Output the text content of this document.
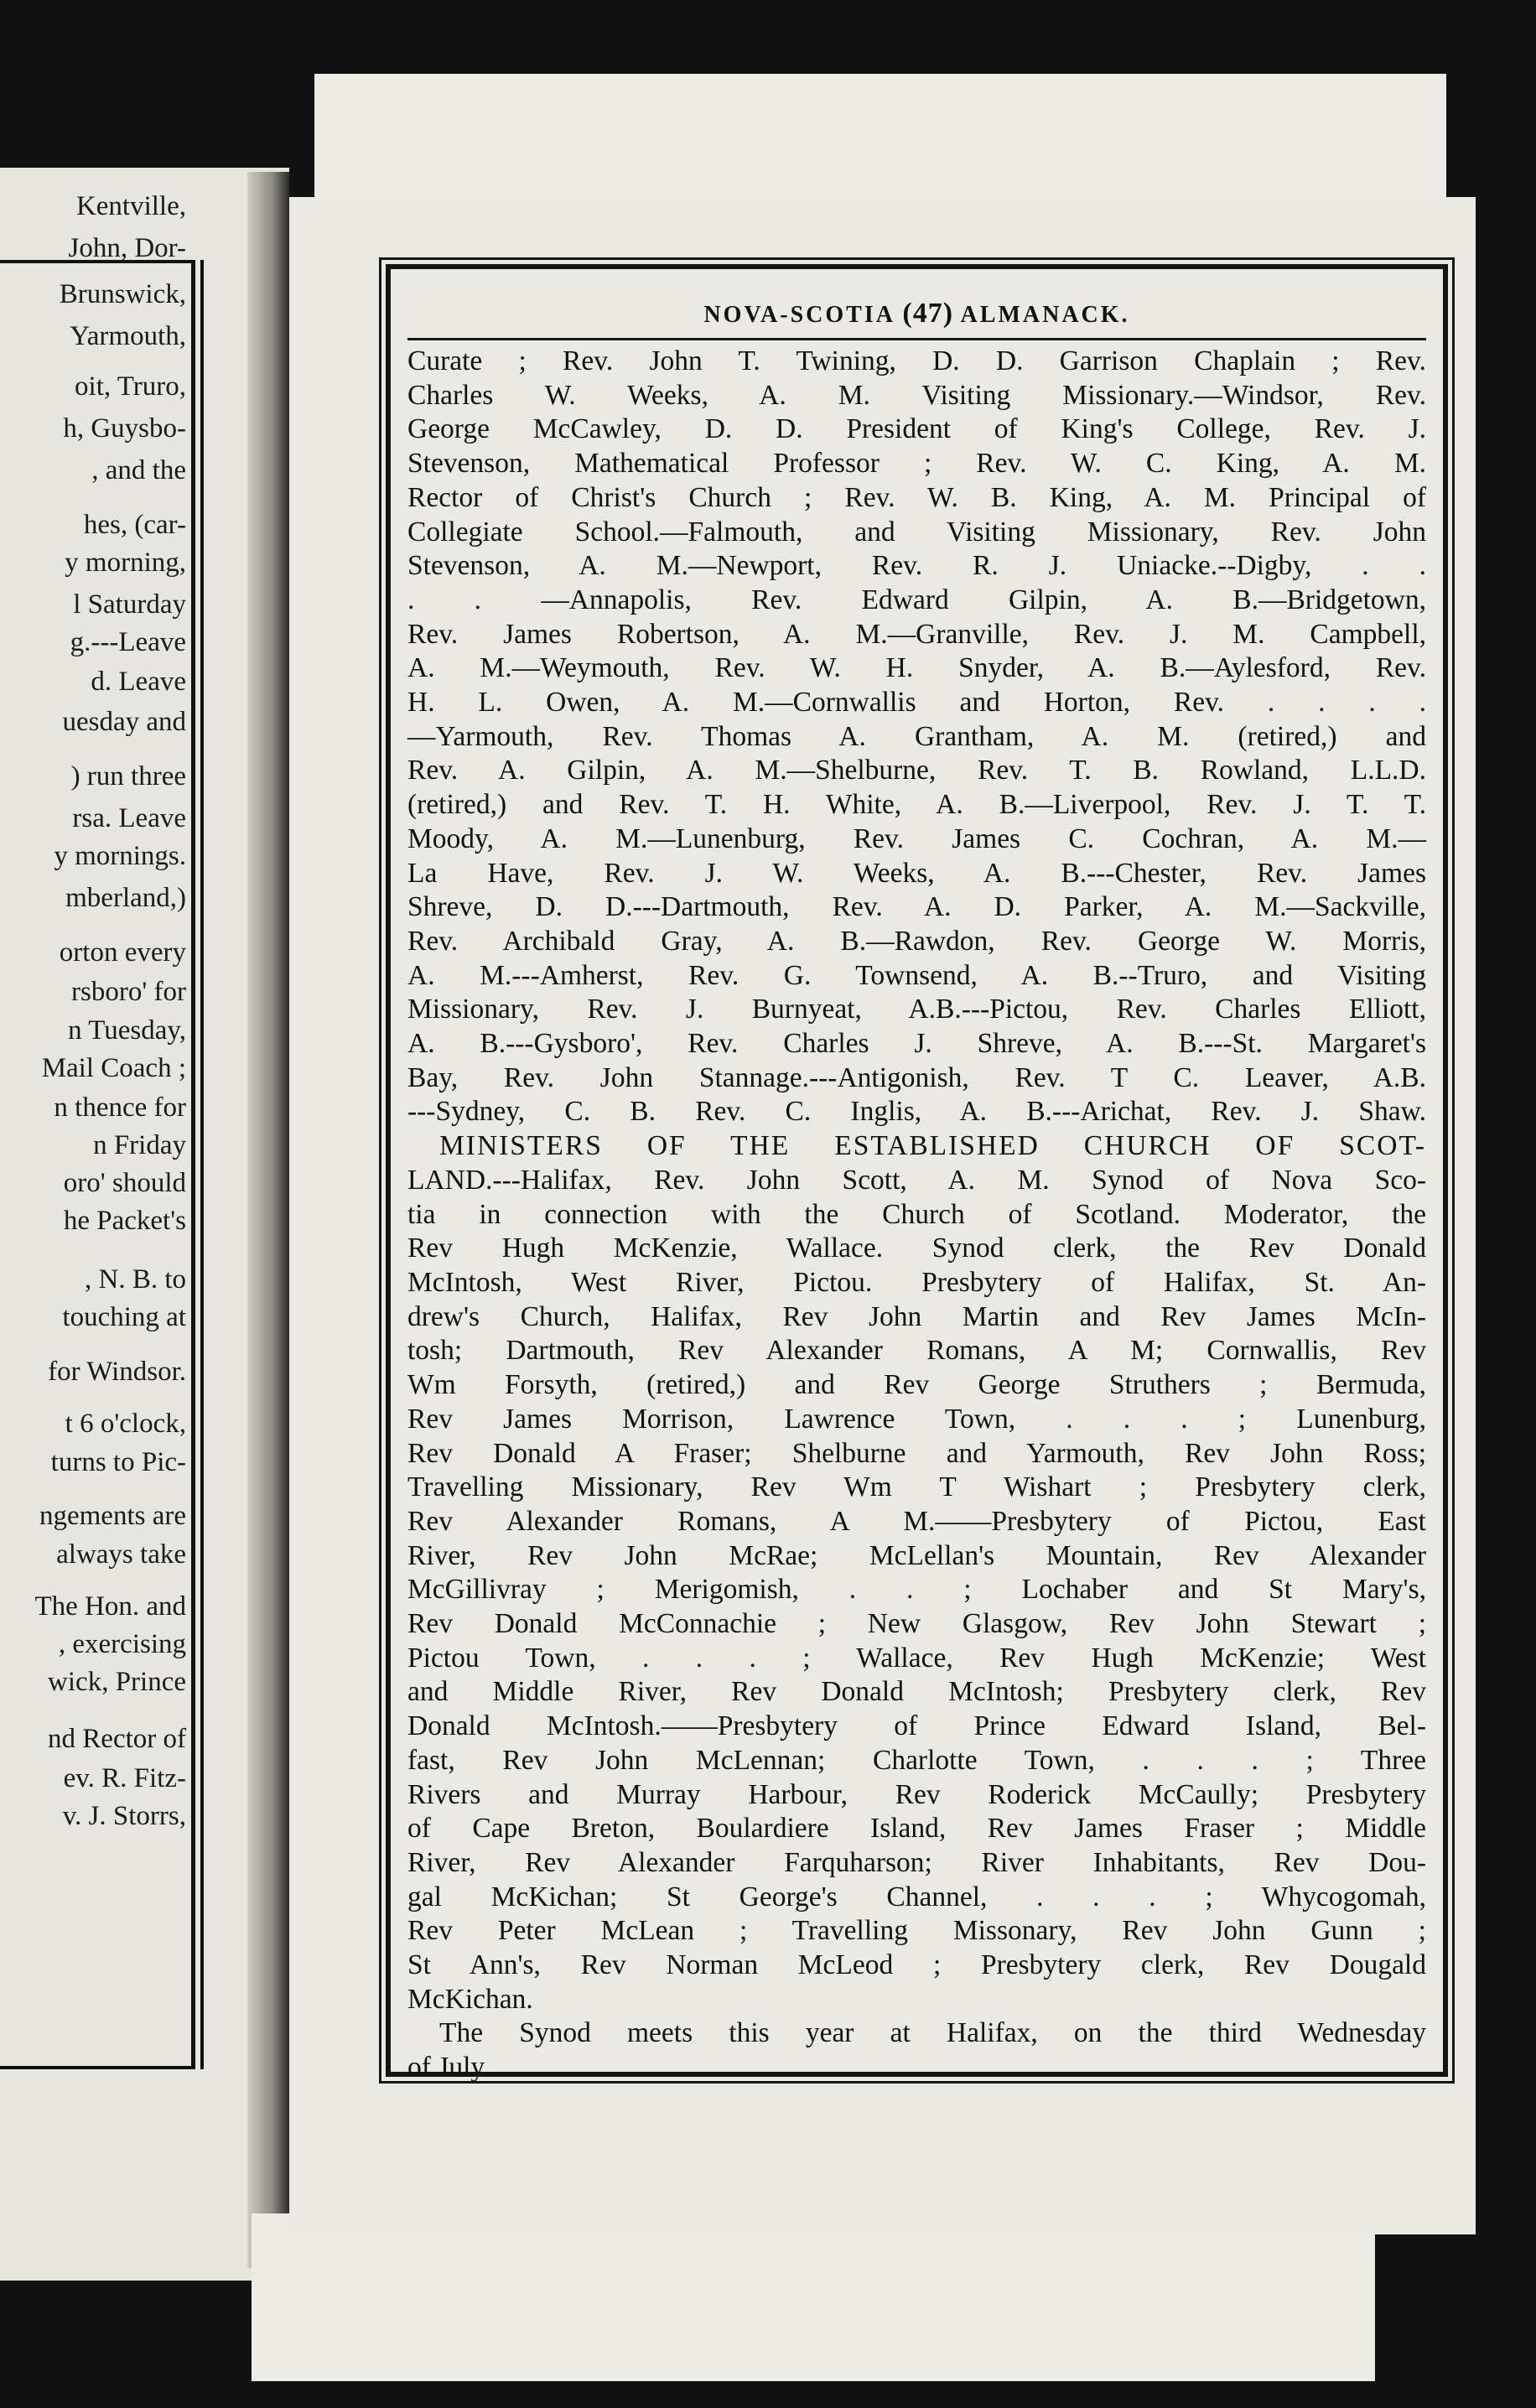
Kentville,
John, Dor-
Brunswick,
Yarmouth,
oit, Truro,
h, Guysbo-
, and the
hes, (car-
y morning,
l Saturday
g.---Leave
d. Leave
uesday and
) run three
rsa. Leave
y mornings.
mberland,)
orton every
rsboro' for
n Tuesday,
Mail Coach ;
n thence for
n Friday
oro' should
he Packet's
, N. B. to
touching at
for Windsor.
t 6 o'clock,
turns to Pic-
ngements are
always take
The Hon. and
, exercising
wick, Prince
nd Rector of
ev. R. Fitz-
v. J. Storrs,
NOVA-SCOTIA (47) ALMANACK.
Curate ; Rev. John T. Twining, D. D. Garrison Chaplain ; Rev.
Charles W. Weeks, A. M. Visiting Missionary.—Windsor, Rev.
George McCawley, D. D. President of King's College, Rev. J.
Stevenson, Mathematical Professor ; Rev. W. C. King, A. M.
Rector of Christ's Church ; Rev. W. B. King, A. M. Principal of
Collegiate School.—Falmouth, and Visiting Missionary, Rev. John
Stevenson, A. M.—Newport, Rev. R. J. Uniacke.--Digby, . .
. . —Annapolis, Rev. Edward Gilpin, A. B.—Bridgetown,
Rev. James Robertson, A. M.—Granville, Rev. J. M. Campbell,
A. M.—Weymouth, Rev. W. H. Snyder, A. B.—Aylesford, Rev.
H. L. Owen, A. M.—Cornwallis and Horton, Rev. . . . .
—Yarmouth, Rev. Thomas A. Grantham, A. M. (retired,) and
Rev. A. Gilpin, A. M.—Shelburne, Rev. T. B. Rowland, L.L.D.
(retired,) and Rev. T. H. White, A. B.—Liverpool, Rev. J. T. T.
Moody, A. M.—Lunenburg, Rev. James C. Cochran, A. M.—
La Have, Rev. J. W. Weeks, A. B.---Chester, Rev. James
Shreve, D. D.---Dartmouth, Rev. A. D. Parker, A. M.—Sackville,
Rev. Archibald Gray, A. B.—Rawdon, Rev. George W. Morris,
A. M.---Amherst, Rev. G. Townsend, A. B.--Truro, and Visiting
Missionary, Rev. J. Burnyeat, A.B.---Pictou, Rev. Charles Elliott,
A. B.---Gysboro', Rev. Charles J. Shreve, A. B.---St. Margaret's
Bay, Rev. John Stannage.---Antigonish, Rev. T C. Leaver, A.B.
---Sydney, C. B. Rev. C. Inglis, A. B.---Arichat, Rev. J. Shaw.
MINISTERS OF THE ESTABLISHED CHURCH OF SCOT-
LAND.---Halifax, Rev. John Scott, A. M. Synod of Nova Sco-
tia in connection with the Church of Scotland. Moderator, the
Rev Hugh McKenzie, Wallace. Synod clerk, the Rev Donald
McIntosh, West River, Pictou. Presbytery of Halifax, St. An-
drew's Church, Halifax, Rev John Martin and Rev James McIn-
tosh; Dartmouth, Rev Alexander Romans, A M; Cornwallis, Rev
Wm Forsyth, (retired,) and Rev George Struthers ; Bermuda,
Rev James Morrison, Lawrence Town, . . . ; Lunenburg,
Rev Donald A Fraser; Shelburne and Yarmouth, Rev John Ross;
Travelling Missionary, Rev Wm T Wishart ; Presbytery clerk,
Rev Alexander Romans, A M.——Presbytery of Pictou, East
River, Rev John McRae; McLellan's Mountain, Rev Alexander
McGillivray ; Merigomish, . . ; Lochaber and St Mary's,
Rev Donald McConnachie ; New Glasgow, Rev John Stewart ;
Pictou Town, . . . ; Wallace, Rev Hugh McKenzie; West
and Middle River, Rev Donald McIntosh; Presbytery clerk, Rev
Donald McIntosh.——Presbytery of Prince Edward Island, Bel-
fast, Rev John McLennan; Charlotte Town, . . . ; Three
Rivers and Murray Harbour, Rev Roderick McCaully; Presbytery
of Cape Breton, Boulardiere Island, Rev James Fraser ; Middle
River, Rev Alexander Farquharson; River Inhabitants, Rev Dou-
gal McKichan; St George's Channel, . . . ; Whycogomah,
Rev Peter McLean ; Travelling Missonary, Rev John Gunn ;
St Ann's, Rev Norman McLeod ; Presbytery clerk, Rev Dougald
McKichan.
The Synod meets this year at Halifax, on the third Wednesday
of July.
